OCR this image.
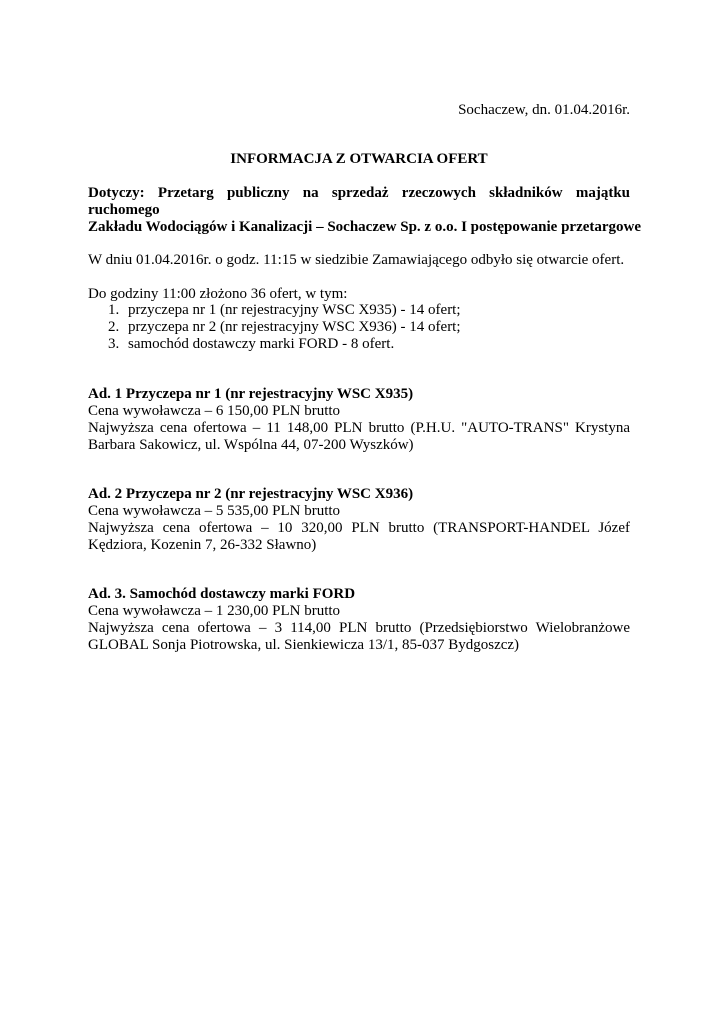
Sochaczew, dn. 01.04.2016r.
INFORMACJA Z OTWARCIA OFERT
Dotyczy: Przetarg publiczny na sprzedaż rzeczowych składników majątku ruchomego
Zakładu Wodociągów i Kanalizacji – Sochaczew Sp. z o.o. I postępowanie przetargowe
W dniu 01.04.2016r. o godz. 11:15 w siedzibie Zamawiającego odbyło się otwarcie ofert.
Do godziny 11:00 złożono 36 ofert, w tym:
1. przyczepa nr 1 (nr rejestracyjny WSC X935) - 14 ofert;
2. przyczepa nr 2 (nr rejestracyjny WSC X936) - 14 ofert;
3. samochód dostawczy marki FORD - 8 ofert.
Ad. 1 Przyczepa nr 1 (nr rejestracyjny WSC X935)
Cena wywoławcza – 6 150,00 PLN brutto
Najwyższa cena ofertowa – 11 148,00 PLN brutto (P.H.U. "AUTO-TRANS" Krystyna
Barbara Sakowicz, ul. Wspólna 44, 07-200 Wyszków)
Ad. 2 Przyczepa nr 2 (nr rejestracyjny WSC X936)
Cena wywoławcza – 5 535,00 PLN brutto
Najwyższa cena ofertowa – 10 320,00 PLN brutto (TRANSPORT-HANDEL Józef
Kędziora, Kozenin 7, 26-332 Sławno)
Ad. 3. Samochód dostawczy marki FORD
Cena wywoławcza – 1 230,00 PLN brutto
Najwyższa cena ofertowa – 3 114,00 PLN brutto (Przedsiębiorstwo Wielobranżowe
GLOBAL Sonja Piotrowska, ul. Sienkiewicza 13/1, 85-037 Bydgoszcz)
